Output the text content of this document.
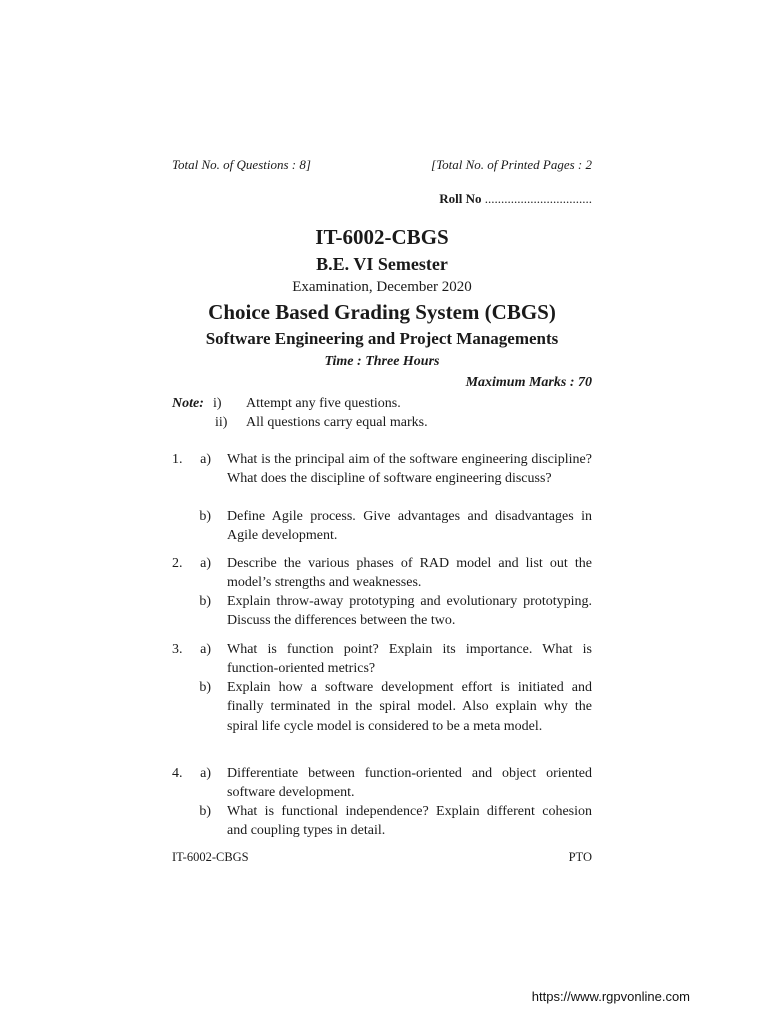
Total No. of Questions : 8]	[Total No. of Printed Pages : 2
Roll No .................................
IT-6002-CBGS
B.E. VI Semester
Examination, December 2020
Choice Based Grading System (CBGS)
Software Engineering and Project Managements
Time : Three Hours
Maximum Marks : 70
Note: i) Attempt any five questions.
ii) All questions carry equal marks.
1.	a) What is the principal aim of the software engineering discipline? What does the discipline of software engineering discuss?
b) Define Agile process. Give advantages and disadvantages in Agile development.
2.	a) Describe the various phases of RAD model and list out the model’s strengths and weaknesses.
b) Explain throw-away prototyping and evolutionary prototyping. Discuss the differences between the two.
3.	a) What is function point? Explain its importance. What is function-oriented metrics?
b) Explain how a software development effort is initiated and finally terminated in the spiral model. Also explain why the spiral life cycle model is considered to be a meta model.
4.	a) Differentiate between function-oriented and object oriented software development.
b) What is functional independence? Explain different cohesion and coupling types in detail.
IT-6002-CBGS	PTO
https://www.rgpvonline.com
